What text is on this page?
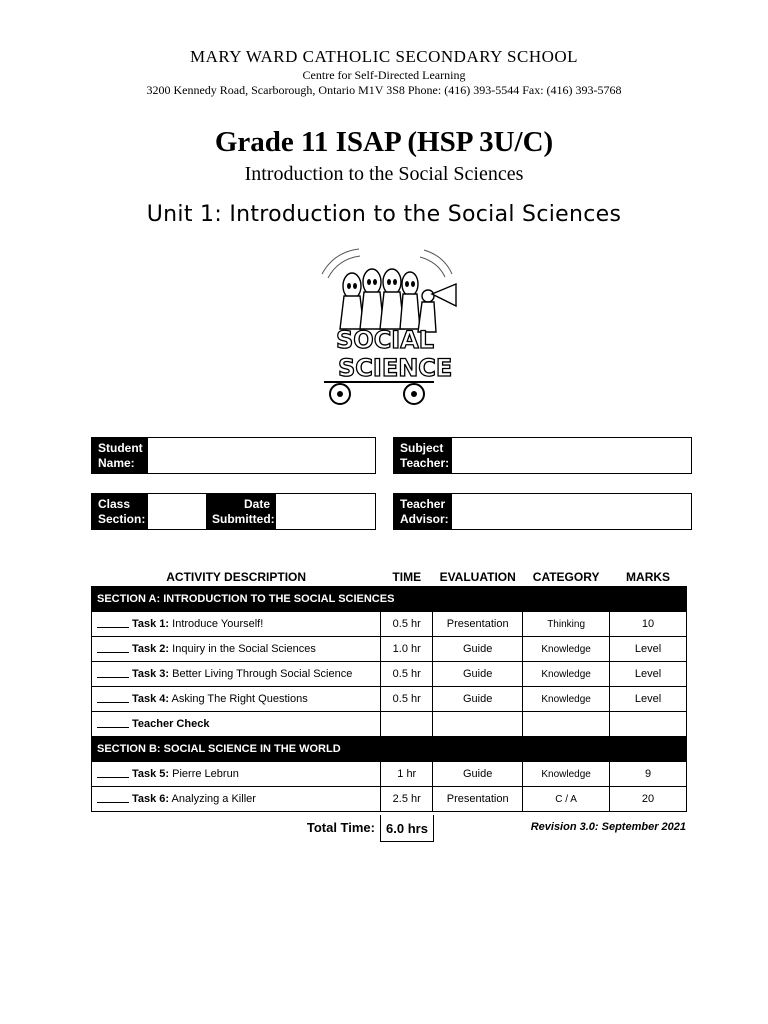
MARY WARD CATHOLIC SECONDARY SCHOOL
Centre for Self-Directed Learning
3200 Kennedy Road, Scarborough, Ontario M1V 3S8 Phone: (416) 393-5544 Fax: (416) 393-5768
Grade 11 ISAP (HSP 3U/C)
Introduction to the Social Sciences
Unit 1: Introduction to the Social Sciences
SOCIAL
SCIENCE
Student
Name:
Subject
Teacher:
Class
Section:
Date
Submitted:
Teacher
Advisor:
ACTIVITY DESCRIPTION	TIME	EVALUATION	CATEGORY	MARKS
SECTION A: INTRODUCTION TO THE SOCIAL SCIENCES				
Task 1: Introduce Yourself!	0.5 hr	Presentation	Thinking	10
Task 2: Inquiry in the Social Sciences	1.0 hr	Guide	Knowledge	Level
Task 3: Better Living Through Social Science	0.5 hr	Guide	Knowledge	Level
Task 4: Asking The Right Questions	0.5 hr	Guide	Knowledge	Level
Teacher Check				
SECTION B: SOCIAL SCIENCE IN THE WORLD				
Task 5: Pierre Lebrun	1 hr	Guide	Knowledge	9
Task 6: Analyzing a Killer	2.5 hr	Presentation	C / A	20
Total Time: 6.0 hrs	Revision 3.0: September 2021
